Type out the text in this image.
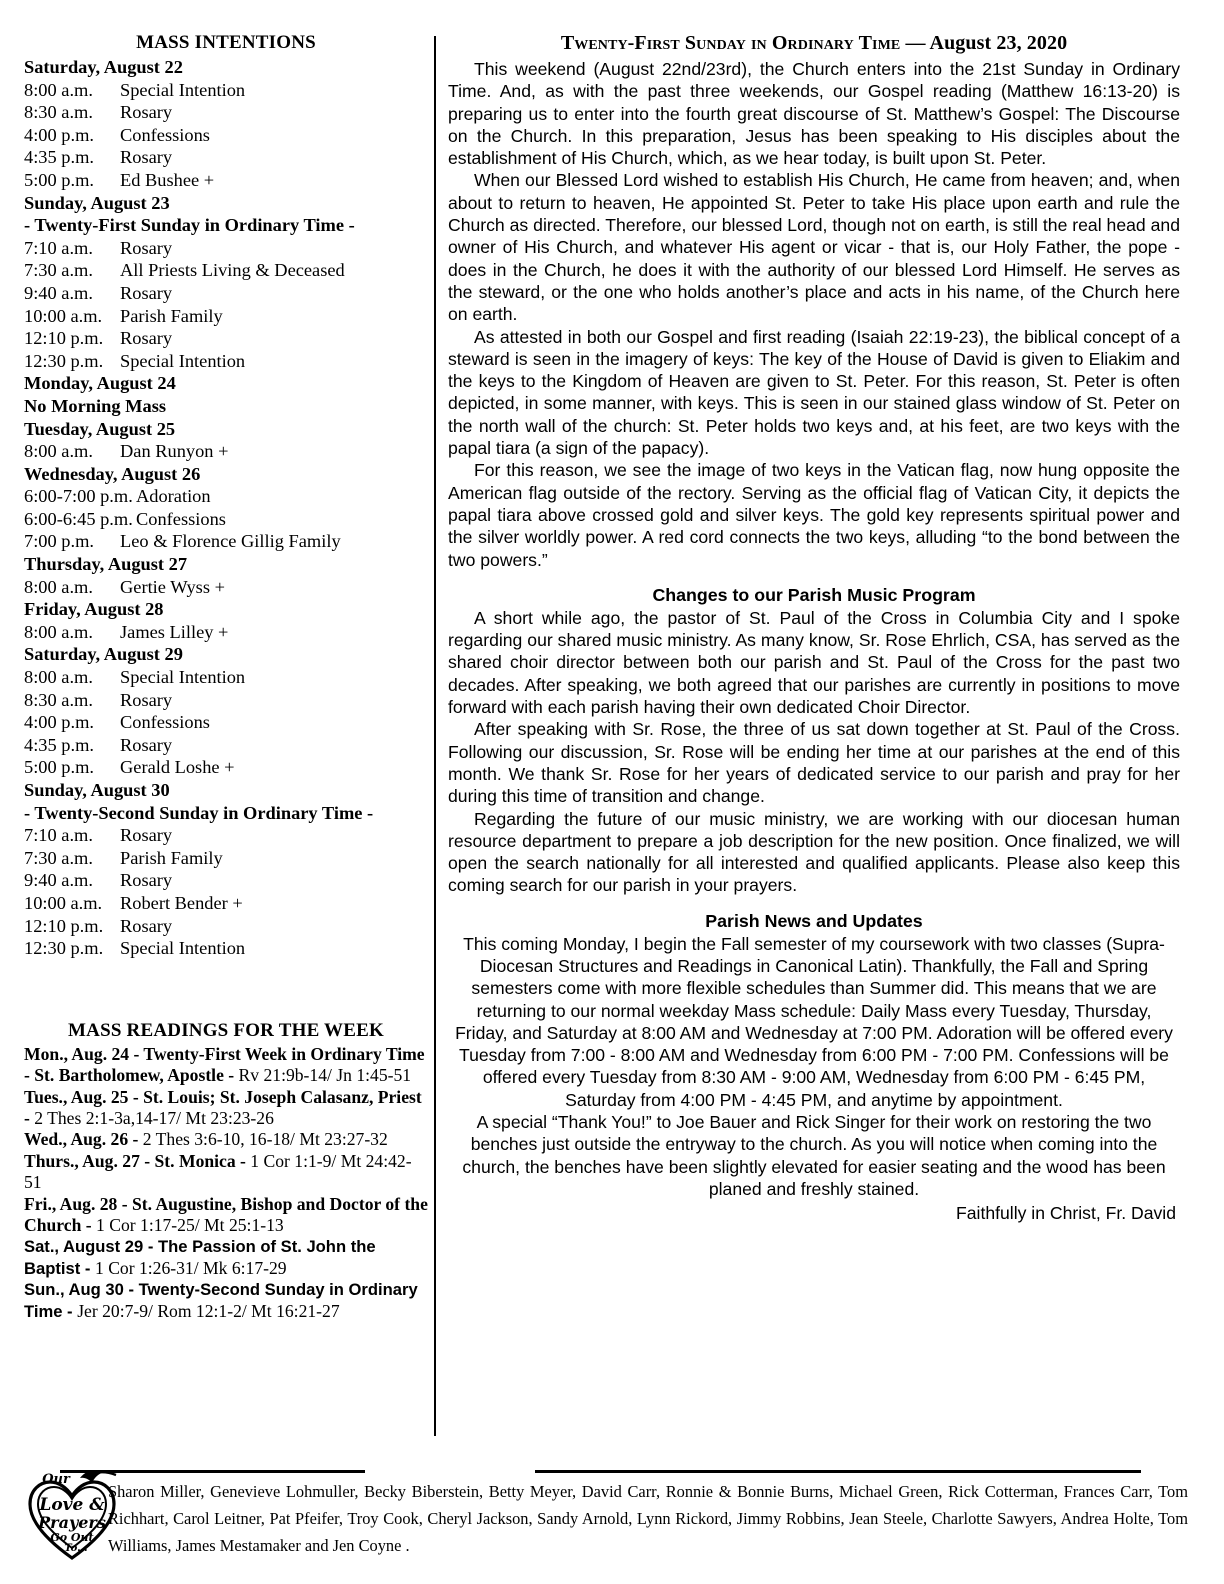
MASS INTENTIONS
Saturday, August 22
8:00 a.m. Special Intention
8:30 a.m. Rosary
4:00 p.m. Confessions
4:35 p.m. Rosary
5:00 p.m. Ed Bushee +
Sunday, August 23
- Twenty-First Sunday in Ordinary Time -
7:10 a.m. Rosary
7:30 a.m. All Priests Living & Deceased
9:40 a.m. Rosary
10:00 a.m. Parish Family
12:10 p.m. Rosary
12:30 p.m. Special Intention
Monday, August 24
No Morning Mass
Tuesday, August 25
8:00 a.m. Dan Runyon +
Wednesday, August 26
6:00-7:00 p.m. Adoration
6:00-6:45 p.m. Confessions
7:00 p.m. Leo & Florence Gillig Family
Thursday, August 27
8:00 a.m. Gertie Wyss +
Friday, August 28
8:00 a.m. James Lilley +
Saturday, August 29
8:00 a.m. Special Intention
8:30 a.m. Rosary
4:00 p.m. Confessions
4:35 p.m. Rosary
5:00 p.m. Gerald Loshe +
Sunday, August 30
- Twenty-Second Sunday in Ordinary Time -
7:10 a.m. Rosary
7:30 a.m. Parish Family
9:40 a.m. Rosary
10:00 a.m. Robert Bender +
12:10 p.m. Rosary
12:30 p.m. Special Intention
MASS READINGS FOR THE WEEK
Mon., Aug. 24 - Twenty-First Week in Ordinary Time - St. Bartholomew, Apostle - Rv 21:9b-14/ Jn 1:45-51
Tues., Aug. 25 - St. Louis; St. Joseph Calasanz, Priest - 2 Thes 2:1-3a,14-17/ Mt 23:23-26
Wed., Aug. 26 - 2 Thes 3:6-10, 16-18/ Mt 23:27-32
Thurs., Aug. 27 - St. Monica - 1 Cor 1:1-9/ Mt 24:42-51
Fri., Aug. 28 - St. Augustine, Bishop and Doctor of the Church - 1 Cor 1:17-25/ Mt 25:1-13
Sat., August 29 - The Passion of St. John the Baptist - 1 Cor 1:26-31/ Mk 6:17-29
Sun., Aug 30 - Twenty-Second Sunday in Ordinary Time - Jer 20:7-9/ Rom 12:1-2/ Mt 16:21-27
Twenty-First Sunday in Ordinary Time — August 23, 2020

This weekend (August 22nd/23rd), the Church enters into the 21st Sunday in Ordinary Time. And, as with the past three weekends, our Gospel reading (Matthew 16:13-20) is preparing us to enter into the fourth great discourse of St. Matthew’s Gospel: The Discourse on the Church. In this preparation, Jesus has been speaking to His disciples about the establishment of His Church, which, as we hear today, is built upon St. Peter.

When our Blessed Lord wished to establish His Church, He came from heaven; and, when about to return to heaven, He appointed St. Peter to take His place upon earth and rule the Church as directed. Therefore, our blessed Lord, though not on earth, is still the real head and owner of His Church, and whatever His agent or vicar - that is, our Holy Father, the pope - does in the Church, he does it with the authority of our blessed Lord Himself. He serves as the steward, or the one who holds another’s place and acts in his name, of the Church here on earth.

As attested in both our Gospel and first reading (Isaiah 22:19-23), the biblical concept of a steward is seen in the imagery of keys: The key of the House of David is given to Eliakim and the keys to the Kingdom of Heaven are given to St. Peter. For this reason, St. Peter is often depicted, in some manner, with keys. This is seen in our stained glass window of St. Peter on the north wall of the church: St. Peter holds two keys and, at his feet, are two keys with the papal tiara (a sign of the papacy).

For this reason, we see the image of two keys in the Vatican flag, now hung opposite the American flag outside of the rectory. Serving as the official flag of Vatican City, it depicts the papal tiara above crossed gold and silver keys. The gold key represents spiritual power and the silver worldly power. A red cord connects the two keys, alluding “to the bond between the two powers.”

Changes to our Parish Music Program

A short while ago, the pastor of St. Paul of the Cross in Columbia City and I spoke regarding our shared music ministry. As many know, Sr. Rose Ehrlich, CSA, has served as the shared choir director between both our parish and St. Paul of the Cross for the past two decades. After speaking, we both agreed that our parishes are currently in positions to move forward with each parish having their own dedicated Choir Director.

After speaking with Sr. Rose, the three of us sat down together at St. Paul of the Cross. Following our discussion, Sr. Rose will be ending her time at our parishes at the end of this month. We thank Sr. Rose for her years of dedicated service to our parish and pray for her during this time of transition and change.

Regarding the future of our music ministry, we are working with our diocesan human resource department to prepare a job description for the new position. Once finalized, we will open the search nationally for all interested and qualified applicants. Please also keep this coming search for our parish in your prayers.

Parish News and Updates

This coming Monday, I begin the Fall semester of my coursework with two classes (Supra-Diocesan Structures and Readings in Canonical Latin). Thankfully, the Fall and Spring semesters come with more flexible schedules than Summer did. This means that we are returning to our normal weekday Mass schedule: Daily Mass every Tuesday, Thursday, Friday, and Saturday at 8:00 AM and Wednesday at 7:00 PM. Adoration will be offered every Tuesday from 7:00 - 8:00 AM and Wednesday from 6:00 PM - 7:00 PM. Confessions will be offered every Tuesday from 8:30 AM - 9:00 AM, Wednesday from 6:00 PM - 6:45 PM, Saturday from 4:00 PM - 4:45 PM, and anytime by appointment.

A special “Thank You!” to Joe Bauer and Rick Singer for their work on restoring the two benches just outside the entryway to the church. As you will notice when coming into the church, the benches have been slightly elevated for easier seating and the wood has been planed and freshly stained.

Faithfully in Christ, Fr. David
Our
Love &
Prayers
Go Out
To...
Sharon Miller, Genevieve Lohmuller, Becky Biberstein, Betty Meyer, David Carr, Ronnie & Bonnie Burns, Michael Green, Rick Cotterman, Frances Carr, Tom Richhart, Carol Leitner, Pat Pfeifer, Troy Cook, Cheryl Jackson, Sandy Arnold, Lynn Rickord, Jimmy Robbins, Jean Steele, Charlotte Sawyers, Andrea Holte, Tom Williams, James Mestamaker and Jen Coyne .
